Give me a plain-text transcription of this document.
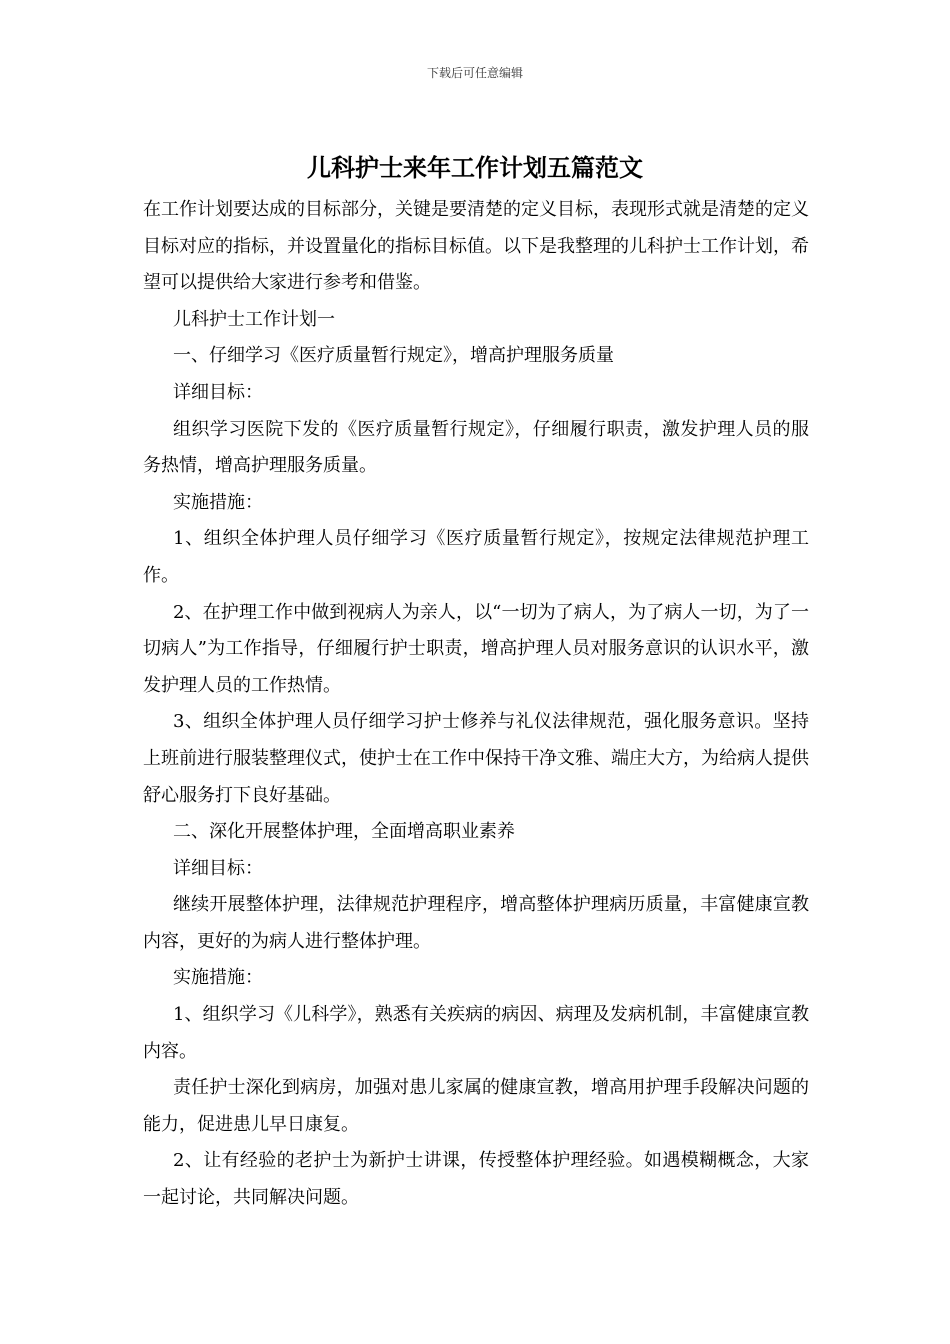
下载后可任意编辑
儿科护士来年工作计划五篇范文

在工作计划要达成的目标部分，关键是要清楚的定义目标，表现形式就是清楚的定义目标对应的指标，并设置量化的指标目标值。以下是我整理的儿科护士工作计划，希望可以提供给大家进行参考和借鉴。

儿科护士工作计划一

一、仔细学习《医疗质量暂行规定》，增高护理服务质量

详细目标：

组织学习医院下发的《医疗质量暂行规定》，仔细履行职责，激发护理人员的服务热情，增高护理服务质量。

实施措施：

1、组织全体护理人员仔细学习《医疗质量暂行规定》，按规定法律规范护理工作。

2、在护理工作中做到视病人为亲人，以“一切为了病人，为了病人一切，为了一切病人”为工作指导，仔细履行护士职责，增高护理人员对服务意识的认识水平，激发护理人员的工作热情。

3、组织全体护理人员仔细学习护士修养与礼仪法律规范，强化服务意识。坚持上班前进行服装整理仪式，使护士在工作中保持干净文雅、端庄大方，为给病人提供舒心服务打下良好基础。

二、深化开展整体护理，全面增高职业素养

详细目标：

继续开展整体护理，法律规范护理程序，增高整体护理病历质量，丰富健康宣教内容，更好的为病人进行整体护理。

实施措施：

1、组织学习《儿科学》，熟悉有关疾病的病因、病理及发病机制，丰富健康宣教内容。

责任护士深化到病房，加强对患儿家属的健康宣教，增高用护理手段解决问题的能力，促进患儿早日康复。

2、让有经验的老护士为新护士讲课，传授整体护理经验。如遇模糊概念，大家一起讨论，共同解决问题。
